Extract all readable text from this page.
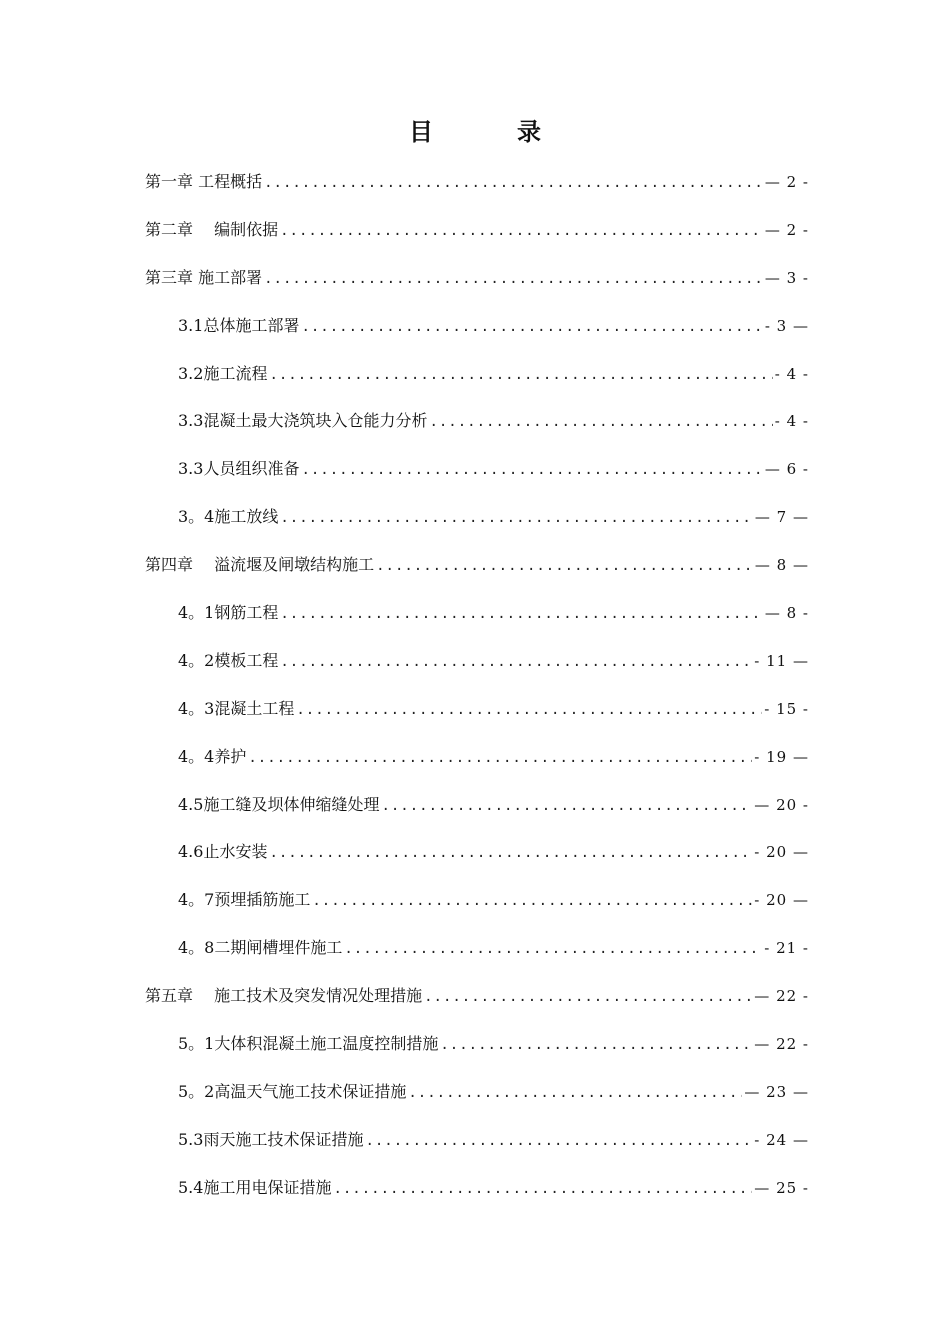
目　录
第一章 工程概括 .....	— 2 -
第二章　 编制依据 .....	— 2 -
第三章 施工部署 .....	— 3 -
3.1总体施工部署 .....	- 3 —
3.2施工流程 .....	- 4 -
3.3混凝土最大浇筑块入仓能力分析 .....	- 4 -
3.3人员组织准备 .....	— 6 -
3。4施工放线 .....	— 7 —
第四章　 溢流堰及闸墩结构施工 .....	— 8 —
4。1钢筋工程 .....	— 8 -
4。2模板工程 .....	- 11 —
4。3混凝土工程 .....	- 15 -
4。4养护 .....	- 19 —
4.5施工缝及坝体伸缩缝处理 .....	— 20 -
4.6止水安装 .....	- 20 —
4。7预埋插筋施工 .....	- 20 —
4。8二期闸槽埋件施工 .....	- 21 -
第五章　 施工技术及突发情况处理措施 .....	— 22 -
5。1大体积混凝土施工温度控制措施 .....	— 22 -
5。2高温天气施工技术保证措施 .....	— 23 —
5.3雨天施工技术保证措施 .....	- 24 —
5.4施工用电保证措施 .....	— 25 -
